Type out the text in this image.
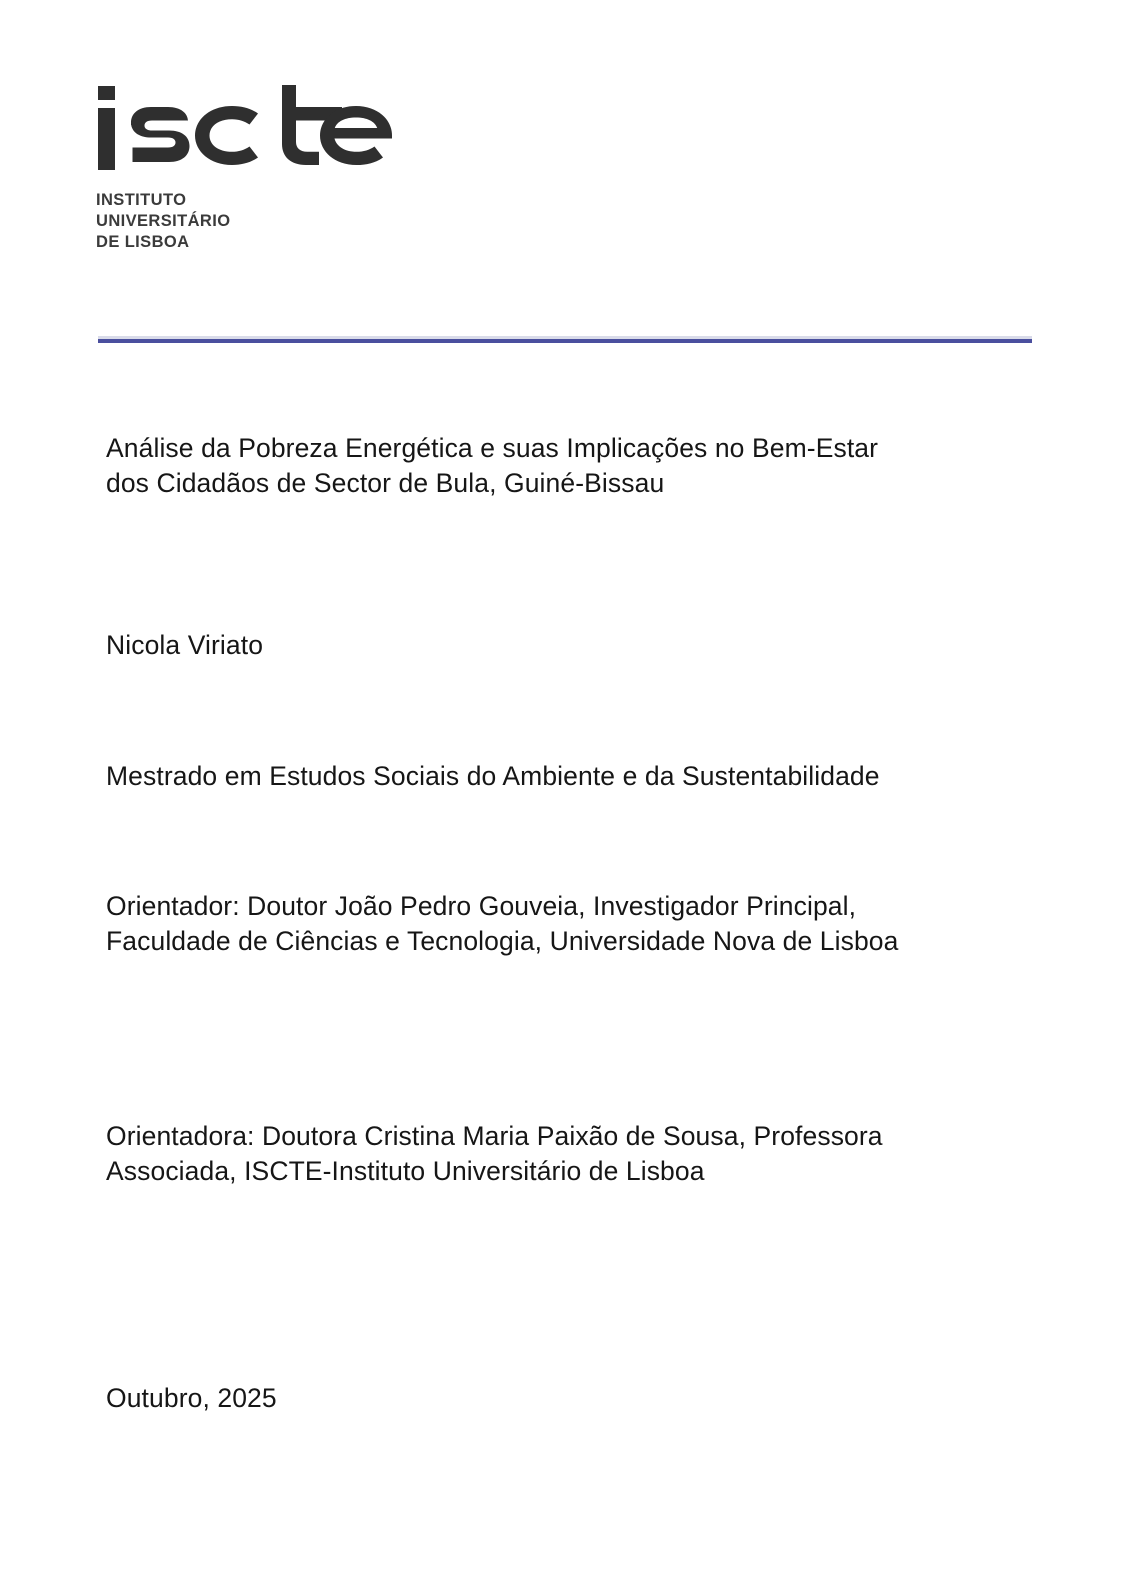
INSTITUTO
UNIVERSITÁRIO
DE LISBOA
Análise da Pobreza Energética e suas Implicações no Bem-Estar
dos Cidadãos de Sector de Bula, Guiné-Bissau
Nicola Viriato
Mestrado em Estudos Sociais do Ambiente e da Sustentabilidade
Orientador: Doutor João Pedro Gouveia, Investigador Principal,
Faculdade de Ciências e Tecnologia, Universidade Nova de Lisboa
Orientadora: Doutora Cristina Maria Paixão de Sousa, Professora
Associada, ISCTE-Instituto Universitário de Lisboa
Outubro, 2025
